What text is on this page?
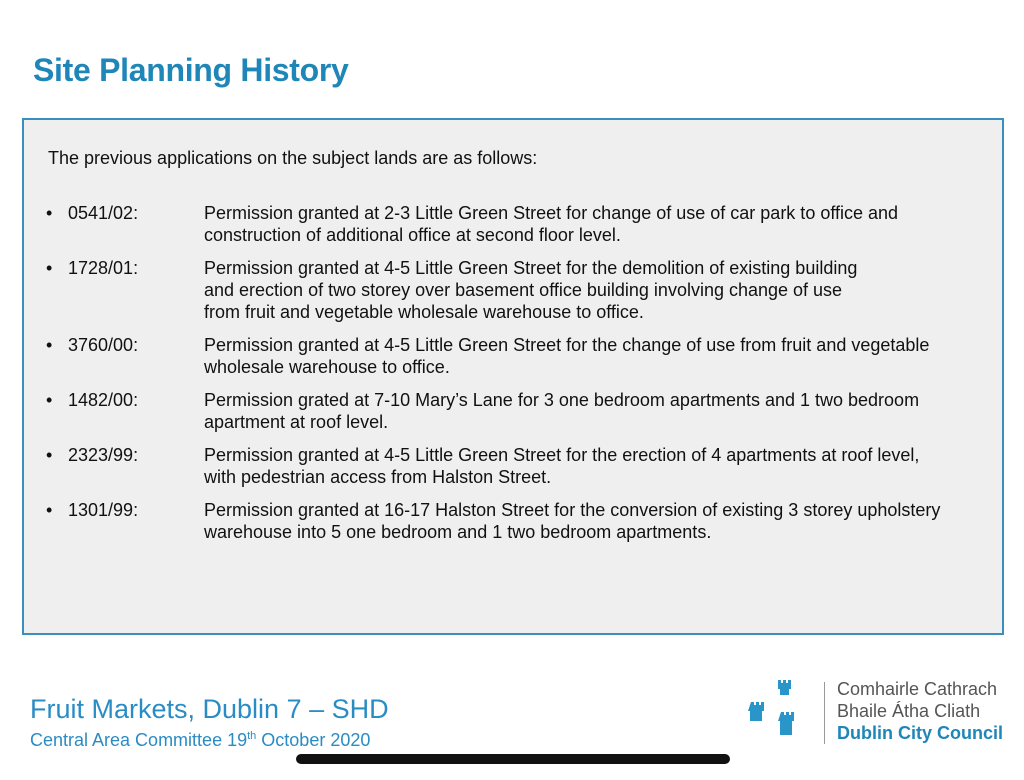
Site Planning History
The previous applications on the subject lands are as follows:
• 0541/02:	Permission granted at 2-3 Little Green Street for change of use of car park to office and construction of additional office at second floor level.
• 1728/01:	Permission granted at 4-5 Little Green Street for the demolition of existing building and erection of two storey over basement office building involving change of use from fruit and vegetable wholesale warehouse to office.
• 3760/00:	Permission granted at 4-5 Little Green Street for the change of use from fruit and vegetable wholesale warehouse to office.
• 1482/00:	Permission grated at 7-10 Mary’s Lane for 3 one bedroom apartments and 1 two bedroom apartment at roof level.
• 2323/99:	Permission granted at 4-5 Little Green Street for the erection of 4 apartments at roof level, with pedestrian access from Halston Street.
• 1301/99:	Permission granted at 16-17 Halston Street for the conversion of existing 3 storey upholstery warehouse into 5 one bedroom and 1 two bedroom apartments.
Fruit Markets, Dublin 7 – SHD
Central Area Committee 19th October 2020
Comhairle Cathrach
Bhaile Átha Cliath
Dublin City Council
